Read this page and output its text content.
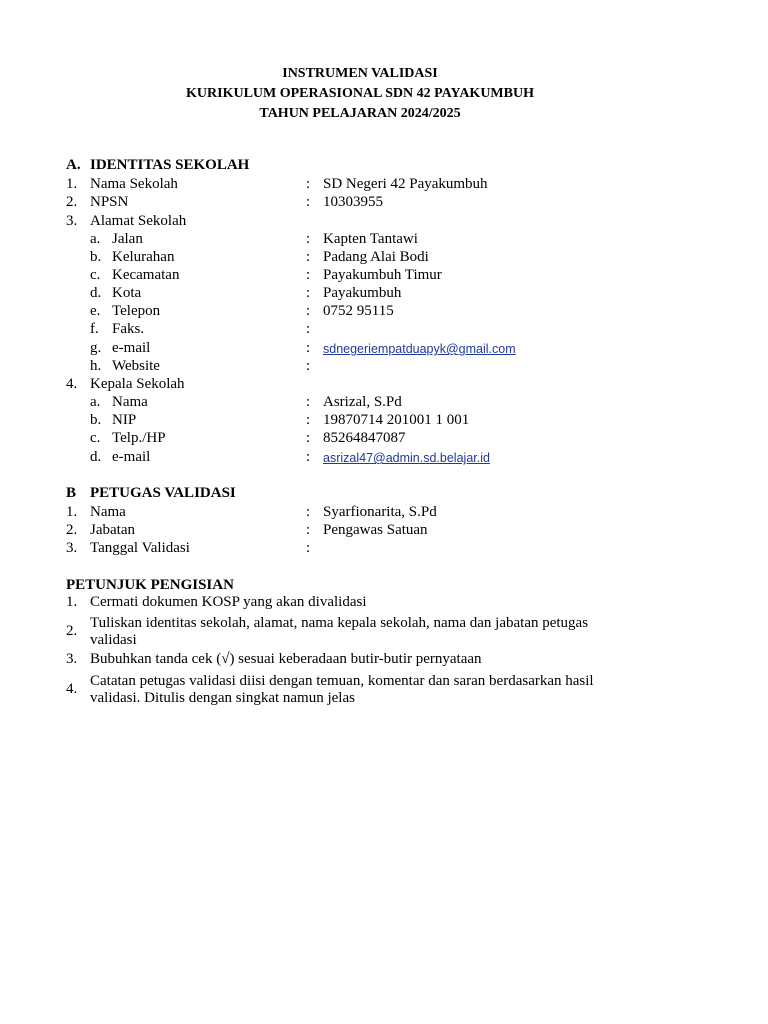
INSTRUMEN VALIDASI
KURIKULUM OPERASIONAL SDN 42 PAYAKUMBUH
TAHUN PELAJARAN 2024/2025
A. IDENTITAS SEKOLAH
1. Nama Sekolah	: SD Negeri 42 Payakumbuh
2. NPSN	: 10303955
3. Alamat Sekolah
a. Jalan	: Kapten Tantawi
b. Kelurahan	: Padang Alai Bodi
c. Kecamatan	: Payakumbuh Timur
d. Kota	: Payakumbuh
e. Telepon	: 0752 95115
f. Faks.	:
g. e-mail	: sdnegeriempatduapyk@gmail.com
h. Website	:
4. Kepala Sekolah
a. Nama	: Asrizal, S.Pd
b. NIP	: 19870714 201001 1 001
c. Telp./HP	: 85264847087
d. e-mail	: asrizal47@admin.sd.belajar.id
B PETUGAS VALIDASI
1. Nama	: Syarfionarita, S.Pd
2. Jabatan	: Pengawas Satuan
3. Tanggal Validasi	:
PETUNJUK PENGISIAN
1. Cermati dokumen KOSP yang akan divalidasi
2. Tuliskan identitas sekolah, alamat, nama kepala sekolah, nama dan jabatan petugas validasi
3. Bubuhkan tanda cek (√) sesuai keberadaan butir-butir pernyataan
4. Catatan petugas validasi diisi dengan temuan, komentar dan saran berdasarkan hasil validasi. Ditulis dengan singkat namun jelas
